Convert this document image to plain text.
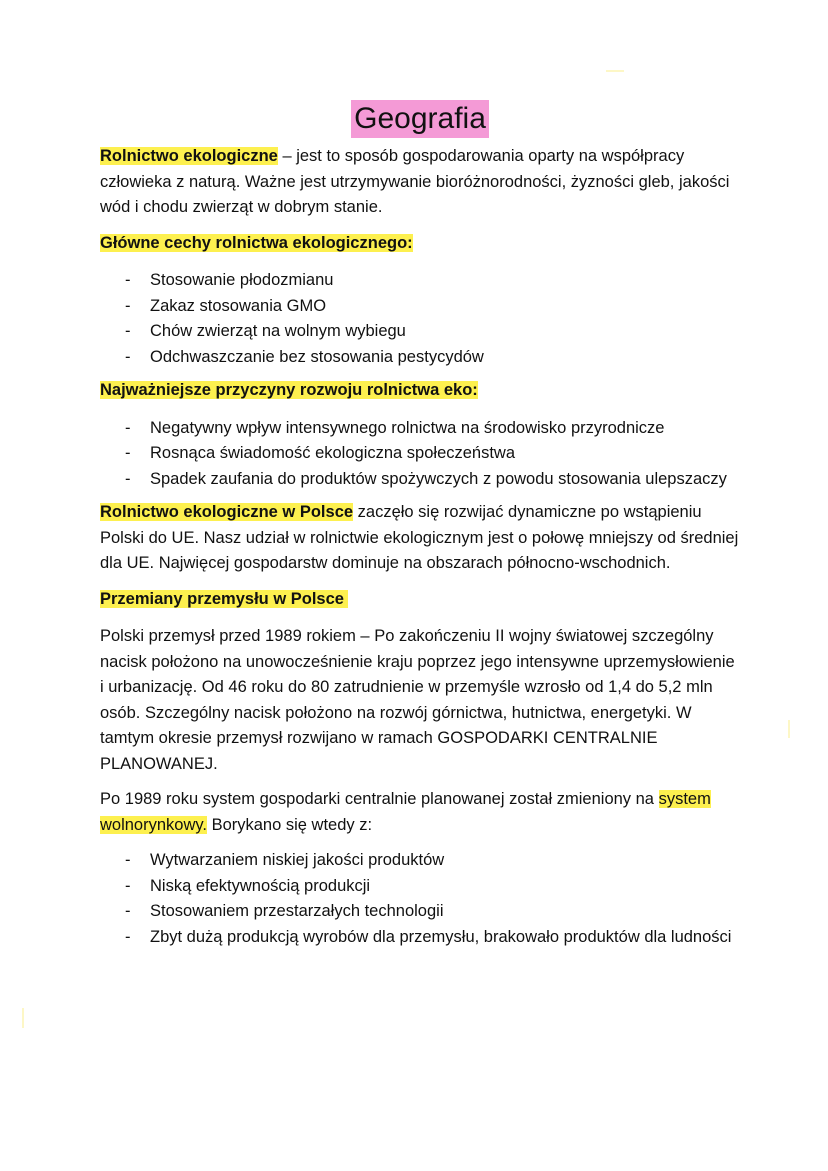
Geografia

Rolnictwo ekologiczne – jest to sposób gospodarowania oparty na współpracy człowieka z naturą. Ważne jest utrzymywanie bioróżnorodności, żyzności gleb, jakości wód i chodu zwierząt w dobrym stanie.

Główne cechy rolnictwa ekologicznego:

- Stosowanie płodozmianu
- Zakaz stosowania GMO
- Chów zwierząt na wolnym wybiegu
- Odchwaszczanie bez stosowania pestycydów

Najważniejsze przyczyny rozwoju rolnictwa eko:

- Negatywny wpływ intensywnego rolnictwa na środowisko przyrodnicze
- Rosnąca świadomość ekologiczna społeczeństwa
- Spadek zaufania do produktów spożywczych z powodu stosowania ulepszaczy

Rolnictwo ekologiczne w Polsce zaczęło się rozwijać dynamiczne po wstąpieniu Polski do UE. Nasz udział w rolnictwie ekologicznym jest o połowę mniejszy od średniej dla UE. Najwięcej gospodarstw dominuje na obszarach północno-wschodnich.

Przemiany przemysłu w Polsce

Polski przemysł przed 1989 rokiem – Po zakończeniu II wojny światowej szczególny nacisk położono na unowocześnienie kraju poprzez jego intensywne uprzemysłowienie i urbanizację. Od 46 roku do 80 zatrudnienie w przemyśle wzrosło od 1,4 do 5,2 mln osób. Szczególny nacisk położono na rozwój górnictwa, hutnictwa, energetyki. W tamtym okresie przemysł rozwijano w ramach GOSPODARKI CENTRALNIE PLANOWANEJ.

Po 1989 roku system gospodarki centralnie planowanej został zmieniony na system wolnorynkowy. Borykano się wtedy z:

- Wytwarzaniem niskiej jakości produktów
- Niską efektywnością produkcji
- Stosowaniem przestarzałych technologii
- Zbyt dużą produkcją wyrobów dla przemysłu, brakowało produktów dla ludności
